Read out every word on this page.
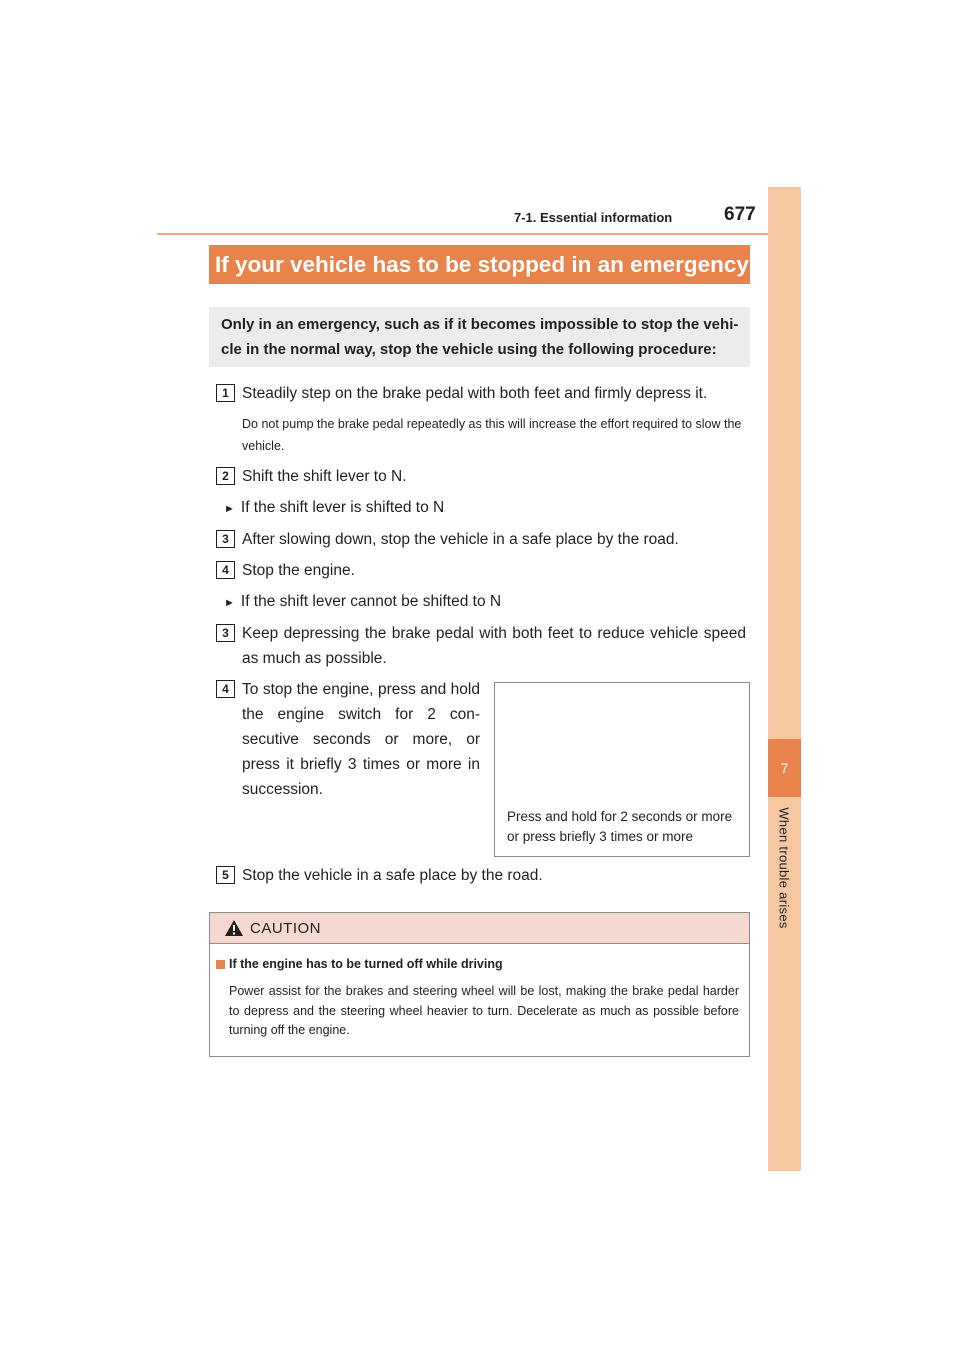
7-1. Essential information	677
7
When trouble arises
If your vehicle has to be stopped in an emergency
Only in an emergency, such as if it becomes impossible to stop the vehi-
cle in the normal way, stop the vehicle using the following procedure:
1 Steadily step on the brake pedal with both feet and firmly depress it.
Do not pump the brake pedal repeatedly as this will increase the effort required to slow the vehicle.
2 Shift the shift lever to N.
► If the shift lever is shifted to N
3 After slowing down, stop the vehicle in a safe place by the road.
4 Stop the engine.
► If the shift lever cannot be shifted to N
3 Keep depressing the brake pedal with both feet to reduce vehicle speed as much as possible.
4 To stop the engine, press and hold the engine switch for 2 con-secutive seconds or more, or press it briefly 3 times or more in succession.
Press and hold for 2 seconds or more or press briefly 3 times or more
5 Stop the vehicle in a safe place by the road.
CAUTION
If the engine has to be turned off while driving
Power assist for the brakes and steering wheel will be lost, making the brake pedal harder to depress and the steering wheel heavier to turn. Decelerate as much as possible before turning off the engine.
